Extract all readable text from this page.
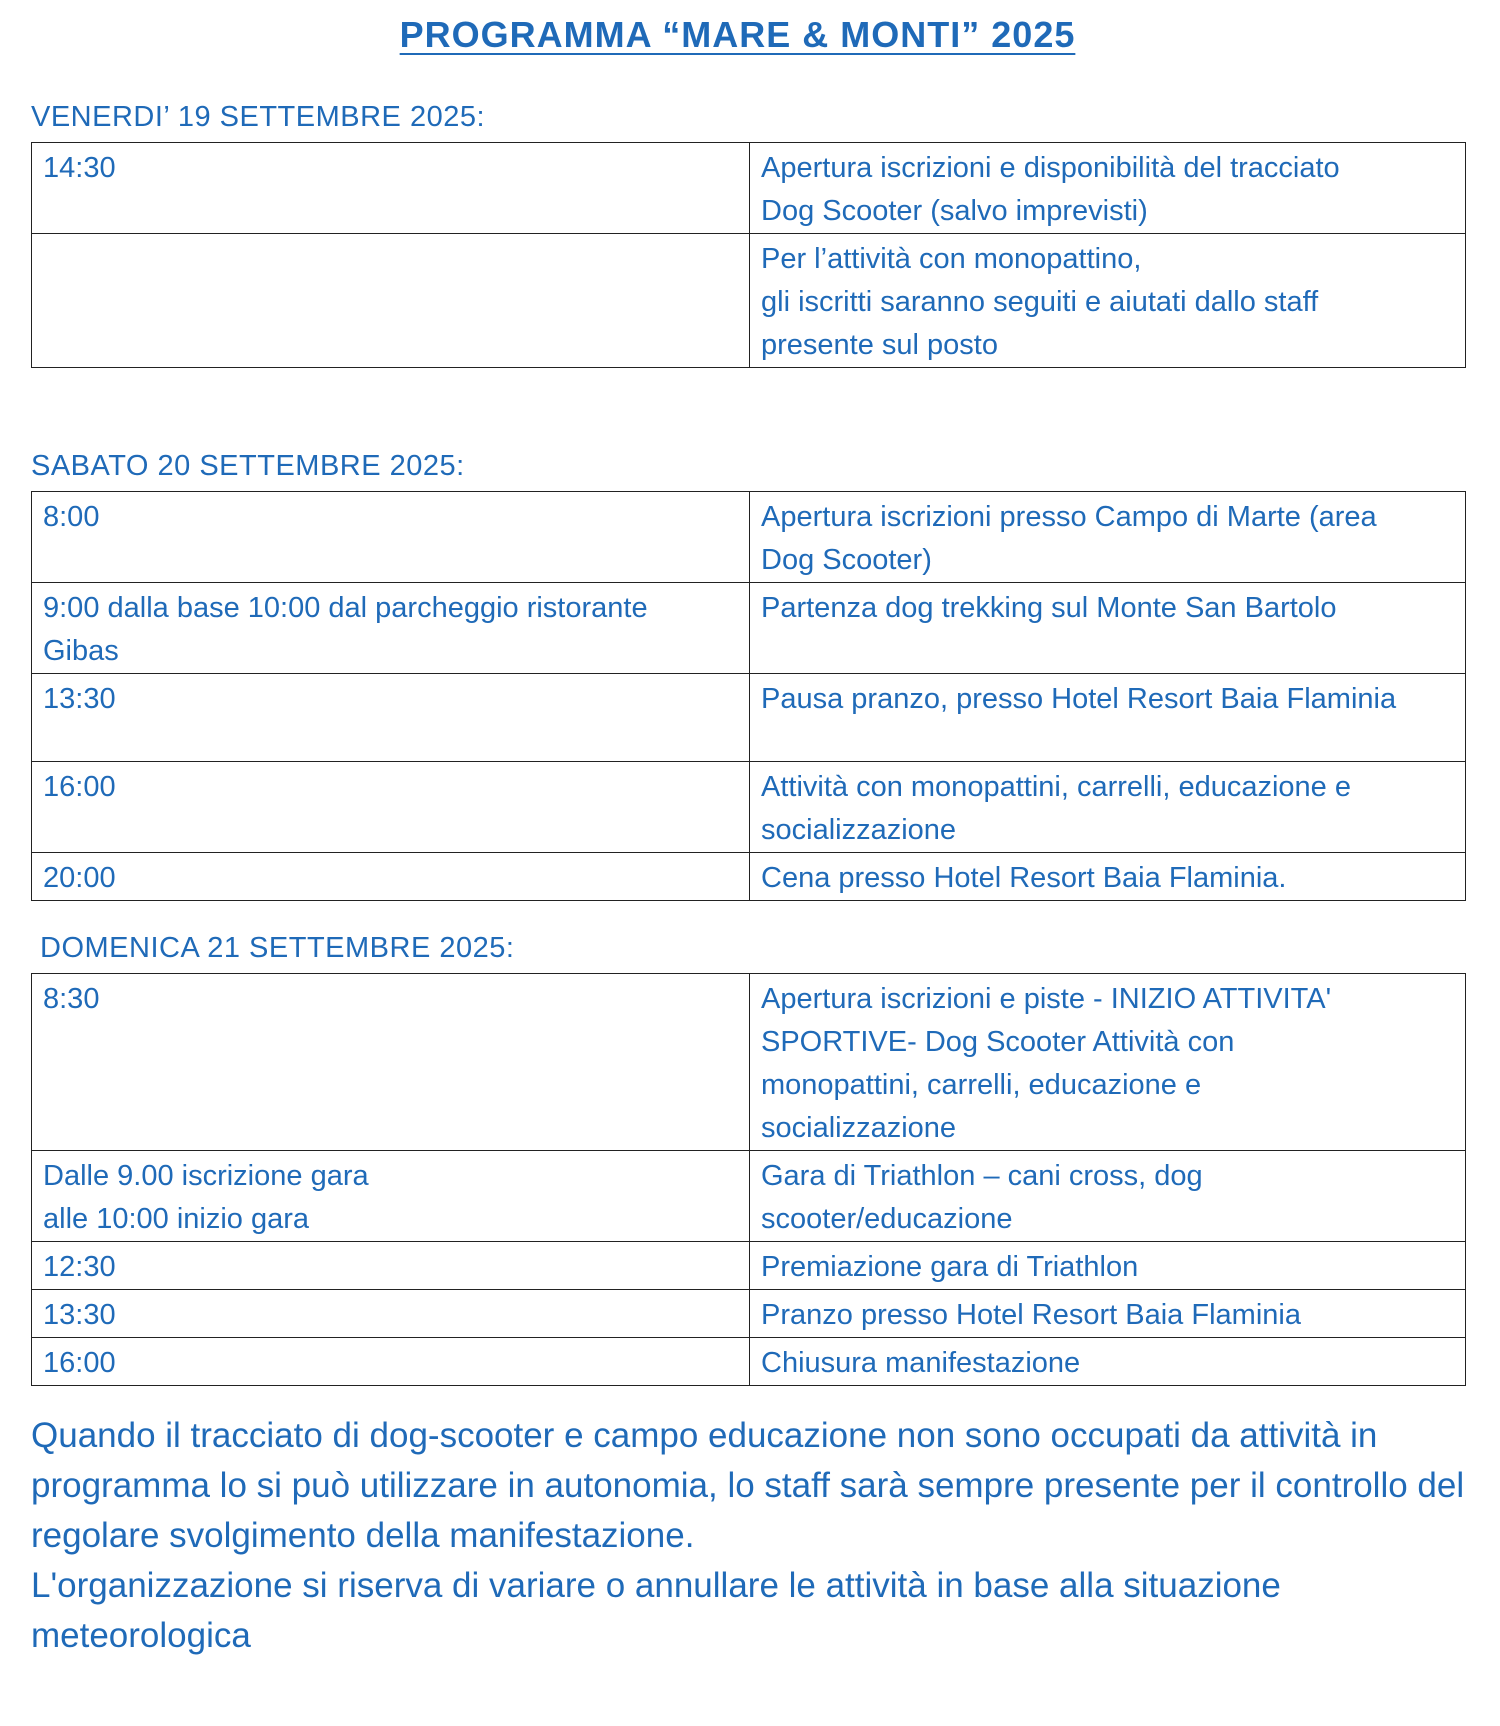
PROGRAMMA “MARE & MONTI” 2025
VENERDI’ 19 SETTEMBRE 2025:
14:30	Apertura iscrizioni e disponibilità del tracciato
Dog Scooter (salvo imprevisti)
	Per l’attività con monopattino,
gli iscritti saranno seguiti e aiutati dallo staff
presente sul posto
SABATO 20 SETTEMBRE 2025:
8:00	Apertura iscrizioni presso Campo di Marte (area
Dog Scooter)
9:00 dalla base 10:00 dal parcheggio ristorante
Gibas	Partenza dog trekking sul Monte San Bartolo
13:30	Pausa pranzo, presso Hotel Resort Baia Flaminia
16:00	Attività con monopattini, carrelli, educazione e
socializzazione
20:00	Cena presso Hotel Resort Baia Flaminia.
DOMENICA 21 SETTEMBRE 2025:
8:30	Apertura iscrizioni e piste - INIZIO ATTIVITA'
SPORTIVE- Dog Scooter Attività con
monopattini, carrelli, educazione e
socializzazione
Dalle 9.00 iscrizione gara
alle 10:00 inizio gara	Gara di Triathlon – cani cross, dog
scooter/educazione
12:30	Premiazione gara di Triathlon
13:30	Pranzo presso Hotel Resort Baia Flaminia
16:00	Chiusura manifestazione

Quando il tracciato di dog-scooter e campo educazione non sono occupati da attività in programma lo si può utilizzare in autonomia, lo staff sarà sempre presente per il controllo del regolare svolgimento della manifestazione.

L'organizzazione si riserva di variare o annullare le attività in base alla situazione meteorologica
